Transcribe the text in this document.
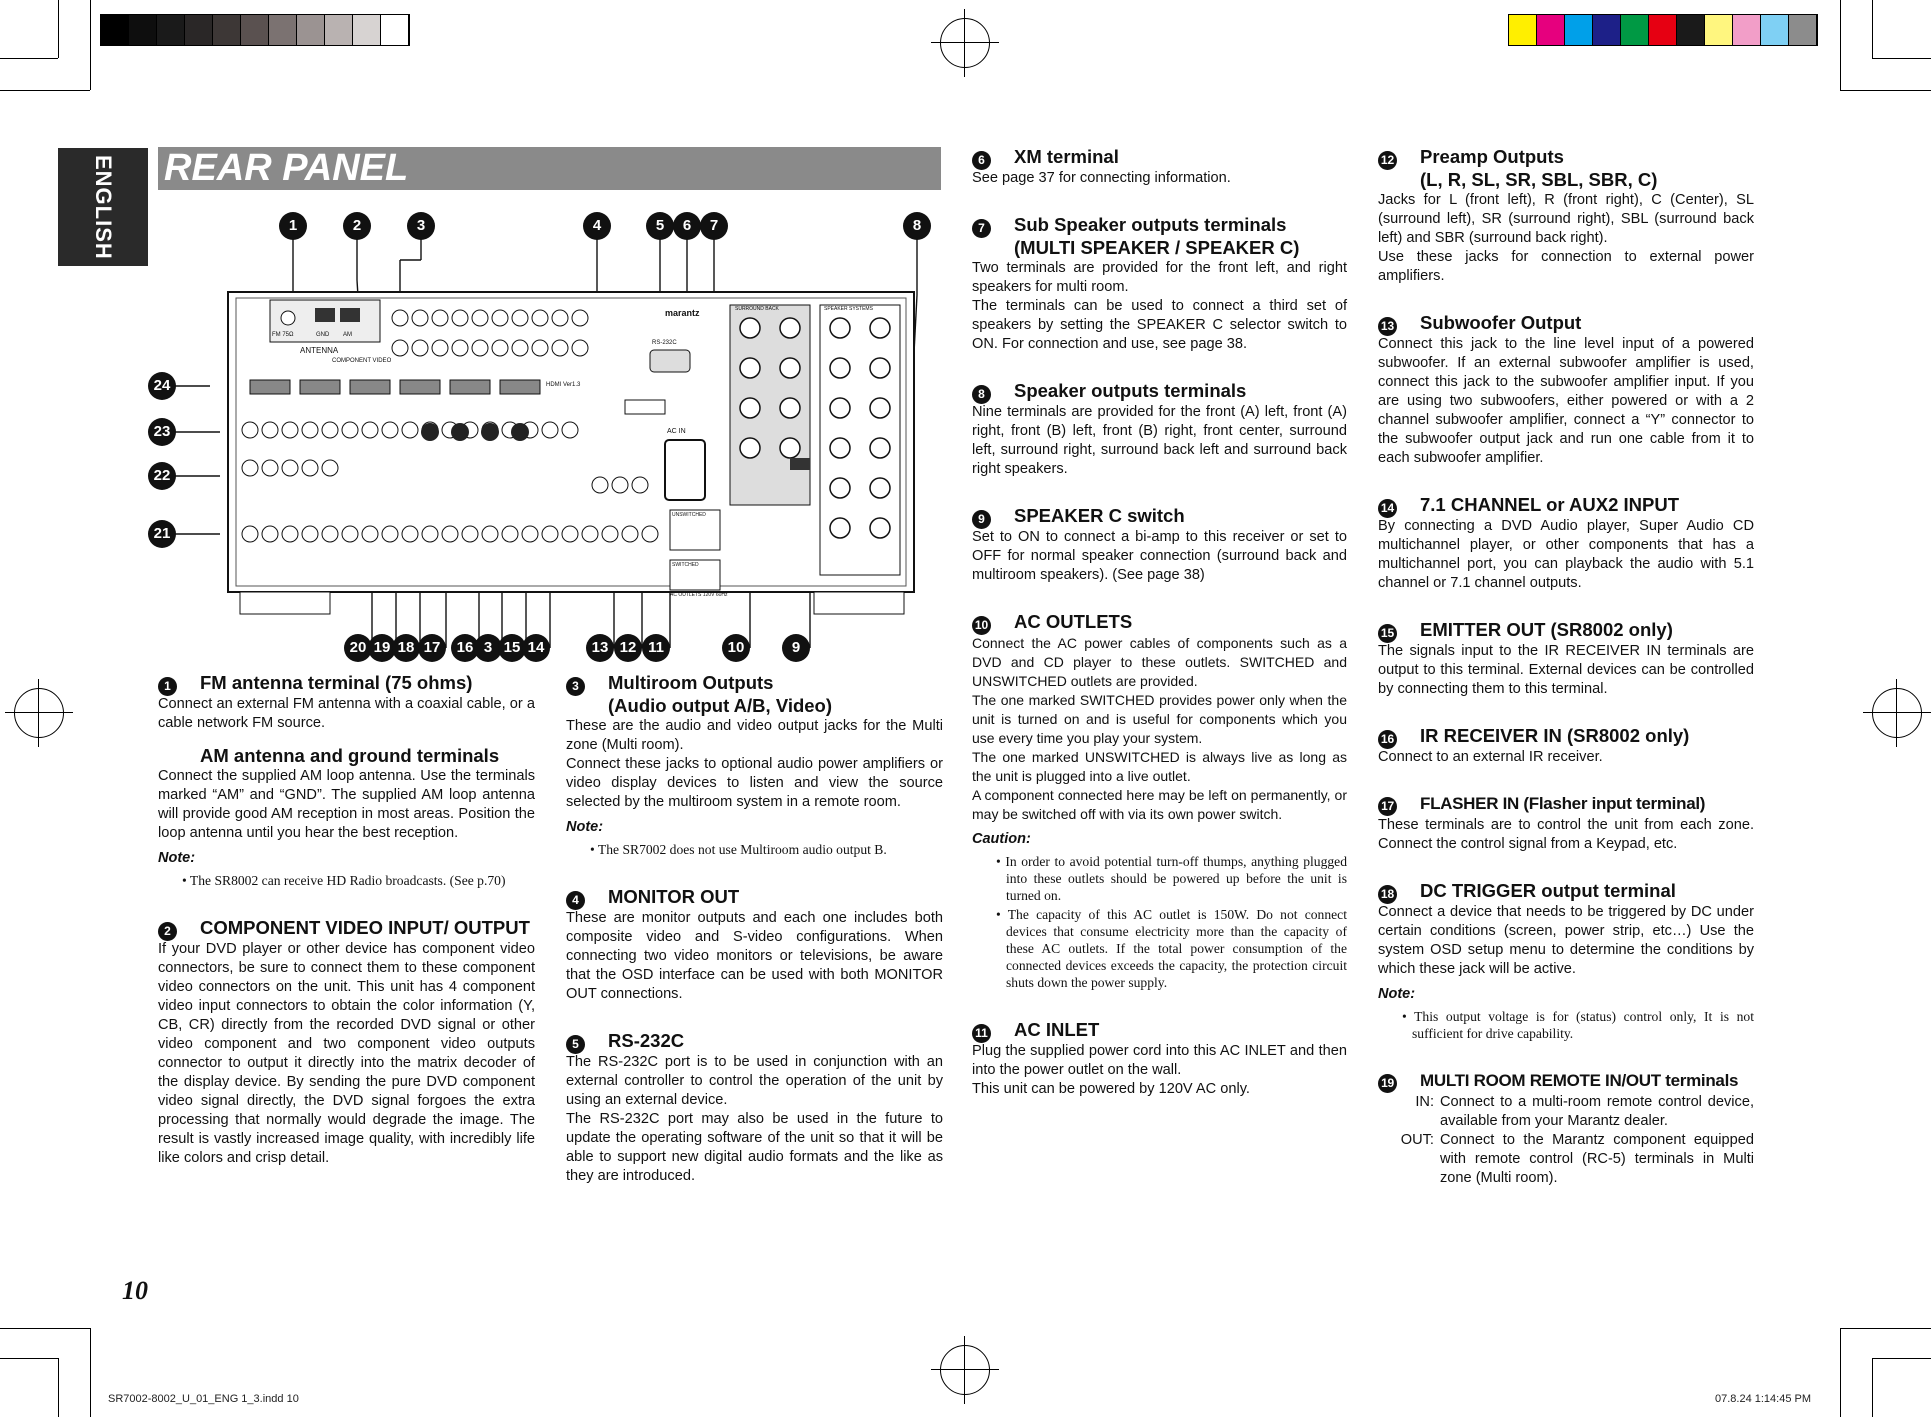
ENGLISH	REAR PANEL
ANTENNA
FM 75Ω	GND AM
COMPONENT VIDEO
RS-232C
AC IN
HDMI Ver1.3
marantz	SURROUND BACK	SPEAKER SYSTEMS
UNSWITCHED
SWITCHED
AC OUTLETS 120V 60Hz
1	2	3	4	5	6	7	8
24
23
22
21
20 19 18 17	16 3 15 14	13 12 11	10	9
1	FM antenna terminal (75 ohms)

Connect an external FM antenna with a coaxial cable, or a cable network FM source.

AM antenna and ground terminals

Connect the supplied AM loop antenna. Use the terminals marked “AM” and “GND”. The supplied AM loop antenna will provide good AM reception in most areas. Position the loop antenna until you hear the best reception.

Note:

• The SR8002 can receive HD Radio broadcasts. (See p.70)

2	COMPONENT VIDEO INPUT/ OUTPUT

If your DVD player or other device has component video connectors, be sure to connect them to these component video connectors on the unit. This unit has 4 component video input connectors to obtain the color information (Y, CB, CR) directly from the recorded DVD signal or other video component and two component video outputs connector to output it directly into the matrix decoder of the display device. By sending the pure DVD component video signal directly, the DVD signal forgoes the extra processing that normally would degrade the image. The result is vastly increased image quality, with incredibly life like colors and crisp detail.

3	Multiroom Outputs
(Audio output A/B, Video)

These are the audio and video output jacks for the Multi zone (Multi room).

Connect these jacks to optional audio power amplifiers or video display devices to listen and view the source selected by the multiroom system in a remote room.

Note:

• The SR7002 does not use Multiroom audio output B.

4	MONITOR OUT

These are monitor outputs and each one includes both composite video and S-video configurations. When connecting two video monitors or televisions, be aware that the OSD interface can be used with both MONITOR OUT connections.

5	RS-232C

The RS-232C port is to be used in conjunction with an external controller to control the operation of the unit by using an external device.

The RS-232C port may also be used in the future to update the operating software of the unit so that it will be able to support new digital audio formats and the like as they are introduced.

6	XM terminal

See page 37 for connecting information.

7	Sub Speaker outputs terminals
(MULTI SPEAKER / SPEAKER C)

Two terminals are provided for the front left, and right speakers for multi room.

The terminals can be used to connect a third set of speakers by setting the SPEAKER C selector switch to ON. For connection and use, see page 38.

8	Speaker outputs terminals

Nine terminals are provided for the front (A) left, front (A) right, front (B) left, front (B) right, front center, surround left, surround right, surround back left and surround back right speakers.

9	SPEAKER C switch

Set to ON to connect a bi-amp to this receiver or set to OFF for normal speaker connection (surround back and multiroom speakers). (See page 38)

10	AC OUTLETS

Connect the AC power cables of components such as a DVD and CD player to these outlets. SWITCHED and UNSWITCHED outlets are provided.

The one marked SWITCHED provides power only when the unit is turned on and is useful for components which you use every time you play your system.

The one marked UNSWITCHED is always live as long as the unit is plugged into a live outlet.

A component connected here may be left on permanently, or may be switched off with via its own power switch.

Caution:

• In order to avoid potential turn-off thumps, anything plugged into these outlets should be powered up before the unit is turned on.

• The capacity of this AC outlet is 150W. Do not connect devices that consume electricity more than the capacity of these AC outlets. If the total power consumption of the connected devices exceeds the capacity, the protection circuit shuts down the power supply.

11	AC INLET

Plug the supplied power cord into this AC INLET and then into the power outlet on the wall.

This unit can be powered by 120V AC only.

12	Preamp Outputs
(L, R, SL, SR, SBL, SBR, C)

Jacks for L (front left), R (front right), C (Center), SL (surround left), SR (surround right), SBL (surround back left) and SBR (surround back right).

Use these jacks for connection to external power amplifiers.

13	Subwoofer Output

Connect this jack to the line level input of a powered subwoofer. If an external subwoofer amplifier is used, connect this jack to the subwoofer amplifier input. If you are using two subwoofers, either powered or with a 2 channel subwoofer amplifier, connect a “Y” connector to the subwoofer output jack and run one cable from it to each subwoofer amplifier.

14	7.1 CHANNEL or AUX2 INPUT

By connecting a DVD Audio player, Super Audio CD multichannel player, or other components that has a multichannel port, you can playback the audio with 5.1 channel or 7.1 channel outputs.

15	EMITTER OUT (SR8002 only)

The signals input to the IR RECEIVER IN terminals are output to this terminal. External devices can be controlled by connecting them to this terminal.

16	IR RECEIVER IN (SR8002 only)

Connect to an external IR receiver.

17	FLASHER IN (Flasher input terminal)

These terminals are to control the unit from each zone. Connect the control signal from a Keypad, etc.

18	DC TRIGGER output terminal

Connect a device that needs to be triggered by DC under certain conditions (screen, power strip, etc…) Use the system OSD setup menu to determine the conditions by which these jack will be active.

Note:

• This output voltage is for (status) control only, It is not sufficient for drive capability.

19	MULTI ROOM REMOTE IN/OUT terminals
IN: Connect to a multi-room remote control device, available from your Marantz dealer.
OUT: Connect to the Marantz component equipped with remote control (RC-5) terminals in Multi zone (Multi room).
10
SR7002-8002_U_01_ENG 1_3.indd 10	07.8.24 1:14:45 PM
